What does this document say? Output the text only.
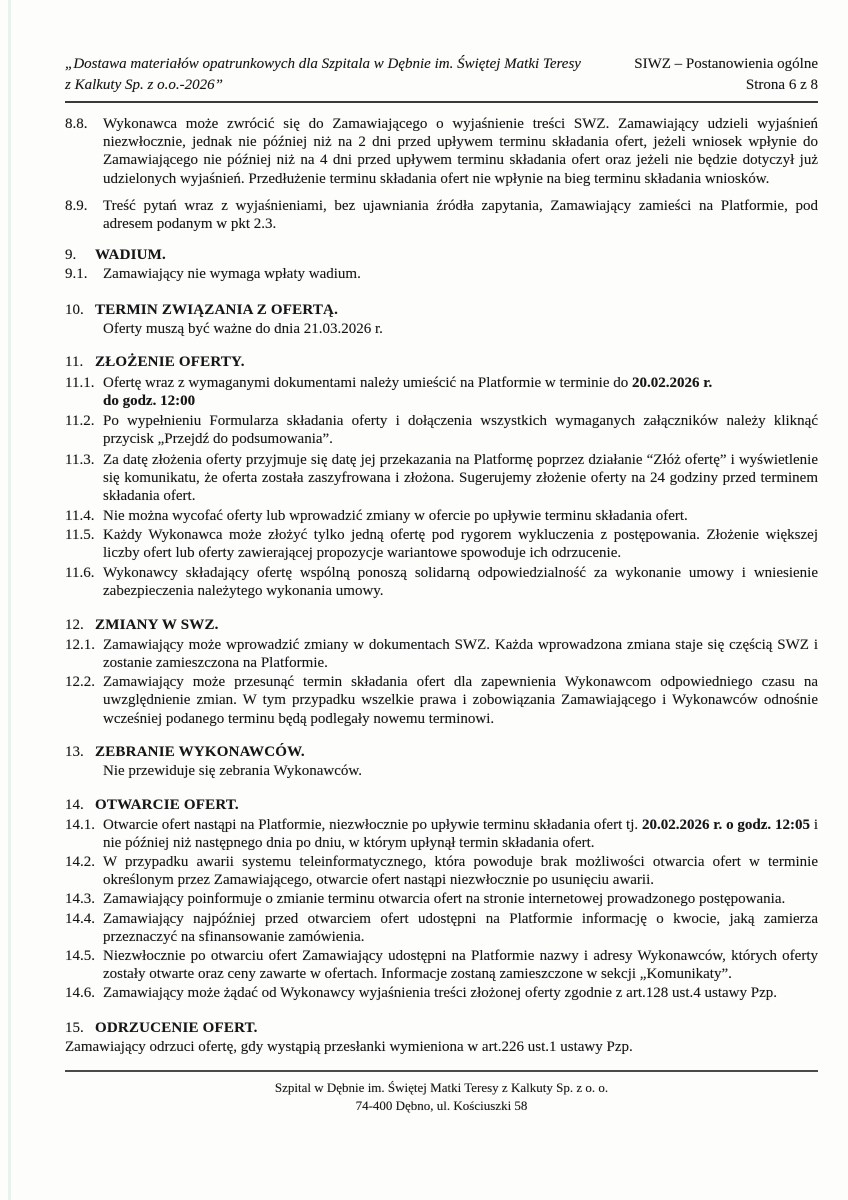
„Dostawa materiałów opatrunkowych dla Szpitala w Dębnie im. Świętej Matki Teresy
z Kalkuty Sp. z o.o.-2026”
SIWZ – Postanowienia ogólne
Strona 6 z 8
8.8.	Wykonawca może zwrócić się do Zamawiającego o wyjaśnienie treści SWZ. Zamawiający udzieli wyjaśnień niezwłocznie, jednak nie później niż na 2 dni przed upływem terminu składania ofert, jeżeli wniosek wpłynie do Zamawiającego nie później niż na 4 dni przed upływem terminu składania ofert oraz jeżeli nie będzie dotyczył już udzielonych wyjaśnień. Przedłużenie terminu składania ofert nie wpłynie na bieg terminu składania wniosków.
8.9.	Treść pytań wraz z wyjaśnieniami, bez ujawniania źródła zapytania, Zamawiający zamieści na Platformie, pod adresem podanym w pkt 2.3.
9.	WADIUM.
9.1.	Zamawiający nie wymaga wpłaty wadium.
10. TERMIN ZWIĄZANIA Z OFERTĄ.
Oferty muszą być ważne do dnia 21.03.2026 r.
11. ZŁOŻENIE OFERTY.
11.1. Ofertę wraz z wymaganymi dokumentami należy umieścić na Platformie w terminie do 20.02.2026 r.
do godz. 12:00
11.2. Po wypełnieniu Formularza składania oferty i dołączenia wszystkich wymaganych załączników należy kliknąć przycisk „Przejdź do podsumowania”.
11.3. Za datę złożenia oferty przyjmuje się datę jej przekazania na Platformę poprzez działanie “Złóż ofertę” i wyświetlenie się komunikatu, że oferta została zaszyfrowana i złożona. Sugerujemy złożenie oferty na 24 godziny przed terminem składania ofert.
11.4. Nie można wycofać oferty lub wprowadzić zmiany w ofercie po upływie terminu składania ofert.
11.5. Każdy Wykonawca może złożyć tylko jedną ofertę pod rygorem wykluczenia z postępowania. Złożenie większej liczby ofert lub oferty zawierającej propozycje wariantowe spowoduje ich odrzucenie.
11.6. Wykonawcy składający ofertę wspólną ponoszą solidarną odpowiedzialność za wykonanie umowy i wniesienie zabezpieczenia należytego wykonania umowy.
12. ZMIANY W SWZ.
12.1. Zamawiający może wprowadzić zmiany w dokumentach SWZ. Każda wprowadzona zmiana staje się częścią SWZ i zostanie zamieszczona na Platformie.
12.2. Zamawiający może przesunąć termin składania ofert dla zapewnienia Wykonawcom odpowiedniego czasu na uwzględnienie zmian. W tym przypadku wszelkie prawa i zobowiązania Zamawiającego i Wykonawców odnośnie wcześniej podanego terminu będą podlegały nowemu terminowi.
13. ZEBRANIE WYKONAWCÓW.
Nie przewiduje się zebrania Wykonawców.
14. OTWARCIE OFERT.
14.1. Otwarcie ofert nastąpi na Platformie, niezwłocznie po upływie terminu składania ofert tj. 20.02.2026 r. o godz. 12:05 i nie później niż następnego dnia po dniu, w którym upłynął termin składania ofert.
14.2. W przypadku awarii systemu teleinformatycznego, która powoduje brak możliwości otwarcia ofert w terminie określonym przez Zamawiającego, otwarcie ofert nastąpi niezwłocznie po usunięciu awarii.
14.3. Zamawiający poinformuje o zmianie terminu otwarcia ofert na stronie internetowej prowadzonego postępowania.
14.4. Zamawiający najpóźniej przed otwarciem ofert udostępni na Platformie informację o kwocie, jaką zamierza przeznaczyć na sfinansowanie zamówienia.
14.5. Niezwłocznie po otwarciu ofert Zamawiający udostępni na Platformie nazwy i adresy Wykonawców, których oferty zostały otwarte oraz ceny zawarte w ofertach. Informacje zostaną zamieszczone w sekcji „Komunikaty”.
14.6. Zamawiający może żądać od Wykonawcy wyjaśnienia treści złożonej oferty zgodnie z art.128 ust.4 ustawy Pzp.
15. ODRZUCENIE OFERT.
Zamawiający odrzuci ofertę, gdy wystąpią przesłanki wymieniona w art.226 ust.1 ustawy Pzp.
Szpital w Dębnie im. Świętej Matki Teresy z Kalkuty Sp. z o. o.
74-400 Dębno, ul. Kościuszki 58
